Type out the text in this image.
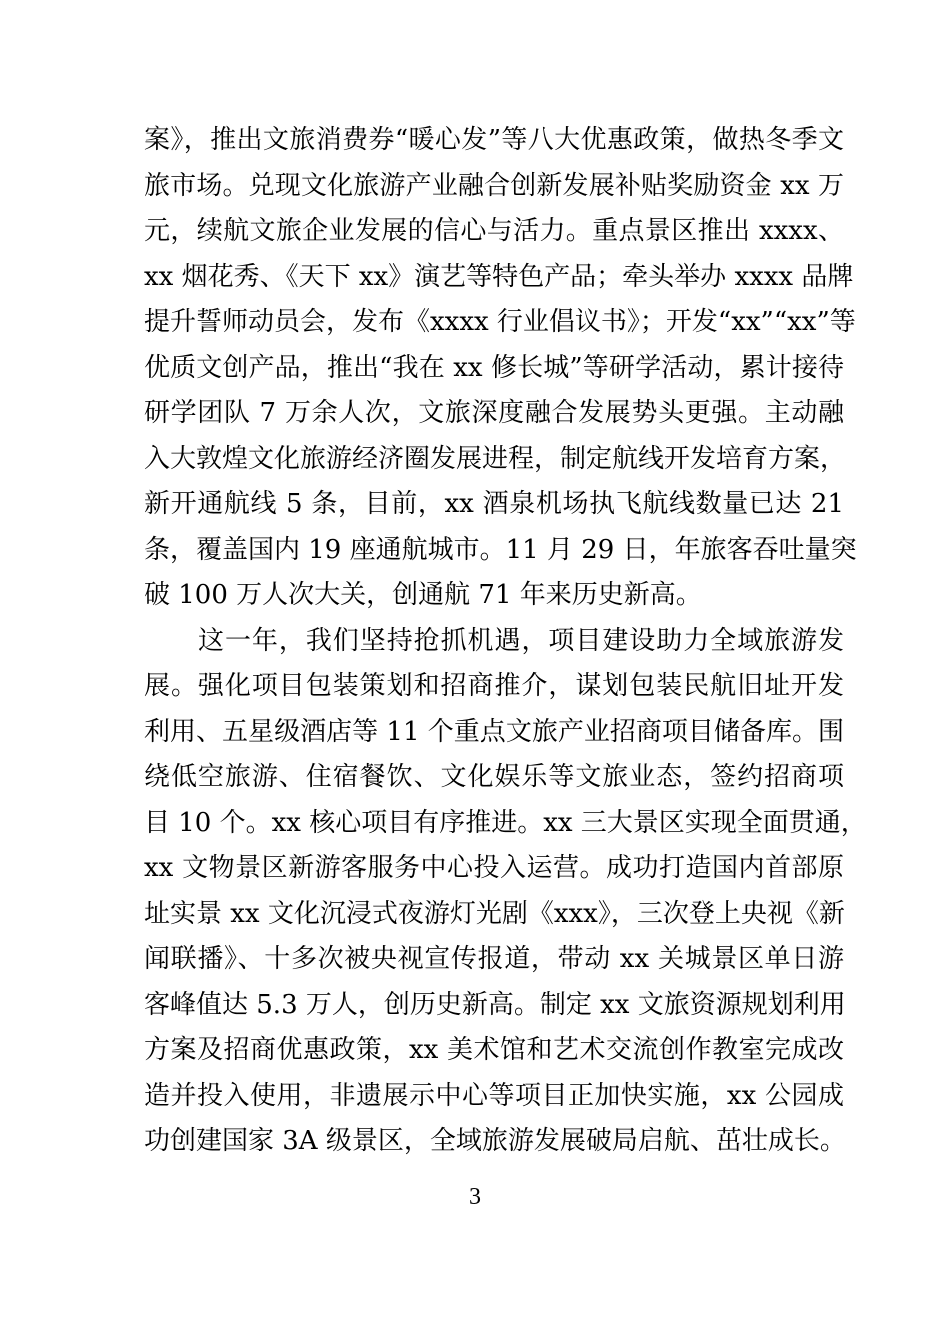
案》，推出文旅消费券“暖心发”等八大优惠政策，做热冬季文
旅市场。兑现文化旅游产业融合创新发展补贴奖励资金 xx 万
元，续航文旅企业发展的信心与活力。重点景区推出 xxxx、
xx 烟花秀、《天下 xx》演艺等特色产品；牵头举办 xxxx 品牌
提升誓师动员会，发布《xxxx 行业倡议书》；开发“xx”“xx”等
优质文创产品，推出“我在 xx 修长城”等研学活动，累计接待
研学团队 7 万余人次，文旅深度融合发展势头更强。主动融
入大敦煌文化旅游经济圈发展进程，制定航线开发培育方案，
新开通航线 5 条，目前，xx 酒泉机场执飞航线数量已达 21
条，覆盖国内 19 座通航城市。11 月 29 日，年旅客吞吐量突
破 100 万人次大关，创通航 71 年来历史新高。
这一年，我们坚持抢抓机遇，项目建设助力全域旅游发
展。强化项目包装策划和招商推介，谋划包装民航旧址开发
利用、五星级酒店等 11 个重点文旅产业招商项目储备库。围
绕低空旅游、住宿餐饮、文化娱乐等文旅业态，签约招商项
目 10 个。xx 核心项目有序推进。xx 三大景区实现全面贯通，
xx 文物景区新游客服务中心投入运营。成功打造国内首部原
址实景 xx 文化沉浸式夜游灯光剧《xxx》，三次登上央视《新
闻联播》、十多次被央视宣传报道，带动 xx 关城景区单日游
客峰值达 5.3 万人，创历史新高。制定 xx 文旅资源规划利用
方案及招商优惠政策，xx 美术馆和艺术交流创作教室完成改
造并投入使用，非遗展示中心等项目正加快实施，xx 公园成
功创建国家 3A 级景区，全域旅游发展破局启航、茁壮成长。
3
